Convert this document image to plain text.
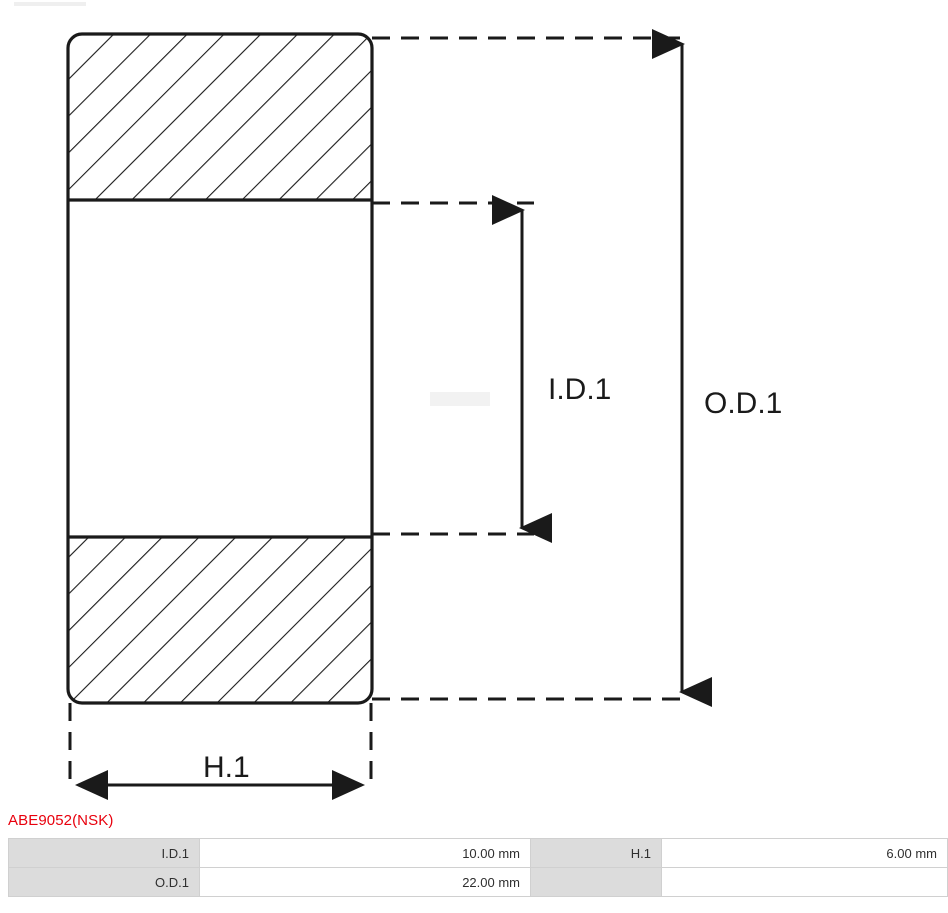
I.D.1	O.D.1
H.1
ABE9052(NSK)
I.D.1	10.00 mm	H.1	6.00 mm
O.D.1	22.00 mm		
